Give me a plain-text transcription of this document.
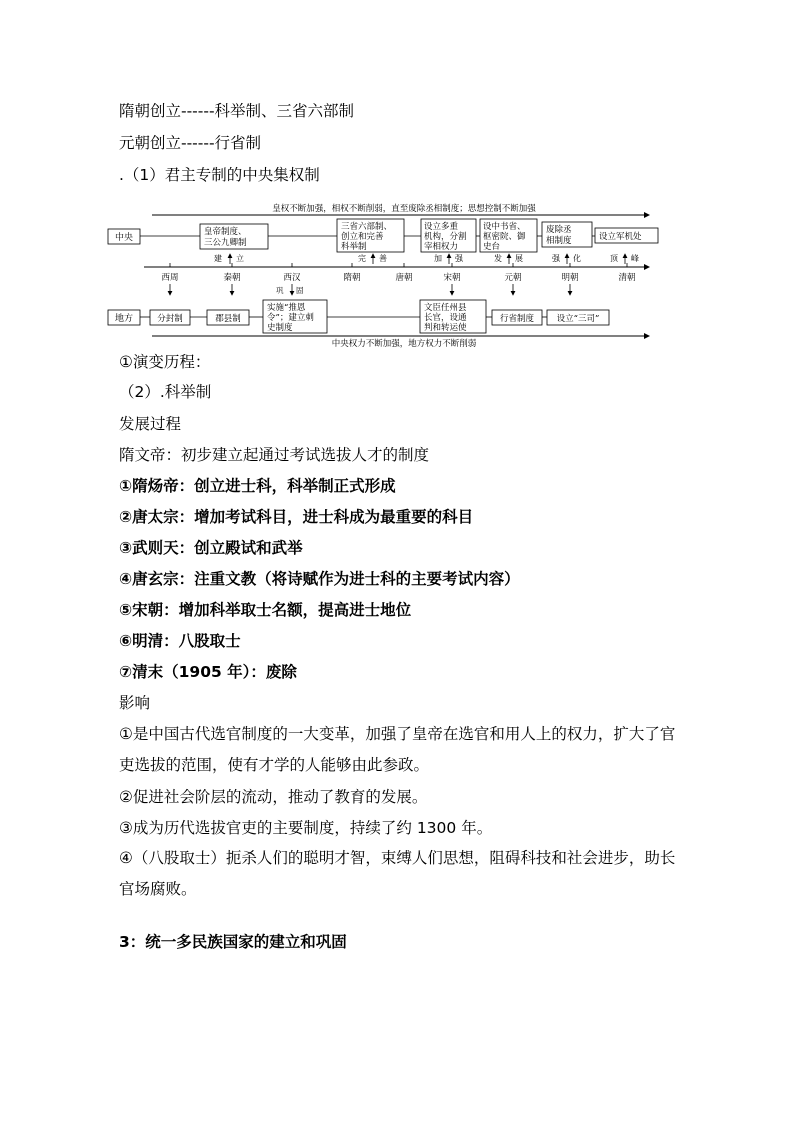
隋朝创立------科举制、三省六部制
元朝创立------行省制
.（1）君主专制的中央集权制
皇权不断加强，相权不断削弱，直至废除丞相制度；思想控制不断加强
中央
皇帝制度、
三公九卿制
三省六部制、
创立和完善
科举制
设立多重
机构，分割
宰相权力
设中书省、
枢密院、御
史台
废除丞
相制度	设立军机处
建 立	完 善	加 强	发 展	强 化	顶 峰
西周	秦朝	西汉	隋朝	唐朝	宋朝	元朝	明朝	清朝
巩 固
地方	分封制	郡县制
实施“推恩
令”；建立刺
史制度
文臣任州县
长官，设通
判和转运使
行省制度	设立“三司”
中央权力不断加强，地方权力不断削弱
①演变历程：
（2）.科举制
发展过程
隋文帝：初步建立起通过考试选拔人才的制度
①隋炀帝：创立进士科，科举制正式形成
②唐太宗：增加考试科目，进士科成为最重要的科目
③武则天：创立殿试和武举
④唐玄宗：注重文教（将诗赋作为进士科的主要考试内容）
⑤宋朝：增加科举取士名额，提高进士地位
⑥明清：八股取士
⑦清末（1905 年）：废除
影响
①是中国古代选官制度的一大变革，加强了皇帝在选官和用人上的权力，扩大了官吏选拔的范围，使有才学的人能够由此参政。
②促进社会阶层的流动，推动了教育的发展。
③成为历代选拔官吏的主要制度，持续了约 1300 年。
④（八股取士）扼杀人们的聪明才智，束缚人们思想，阻碍科技和社会进步，助长官场腐败。
3：统一多民族国家的建立和巩固
